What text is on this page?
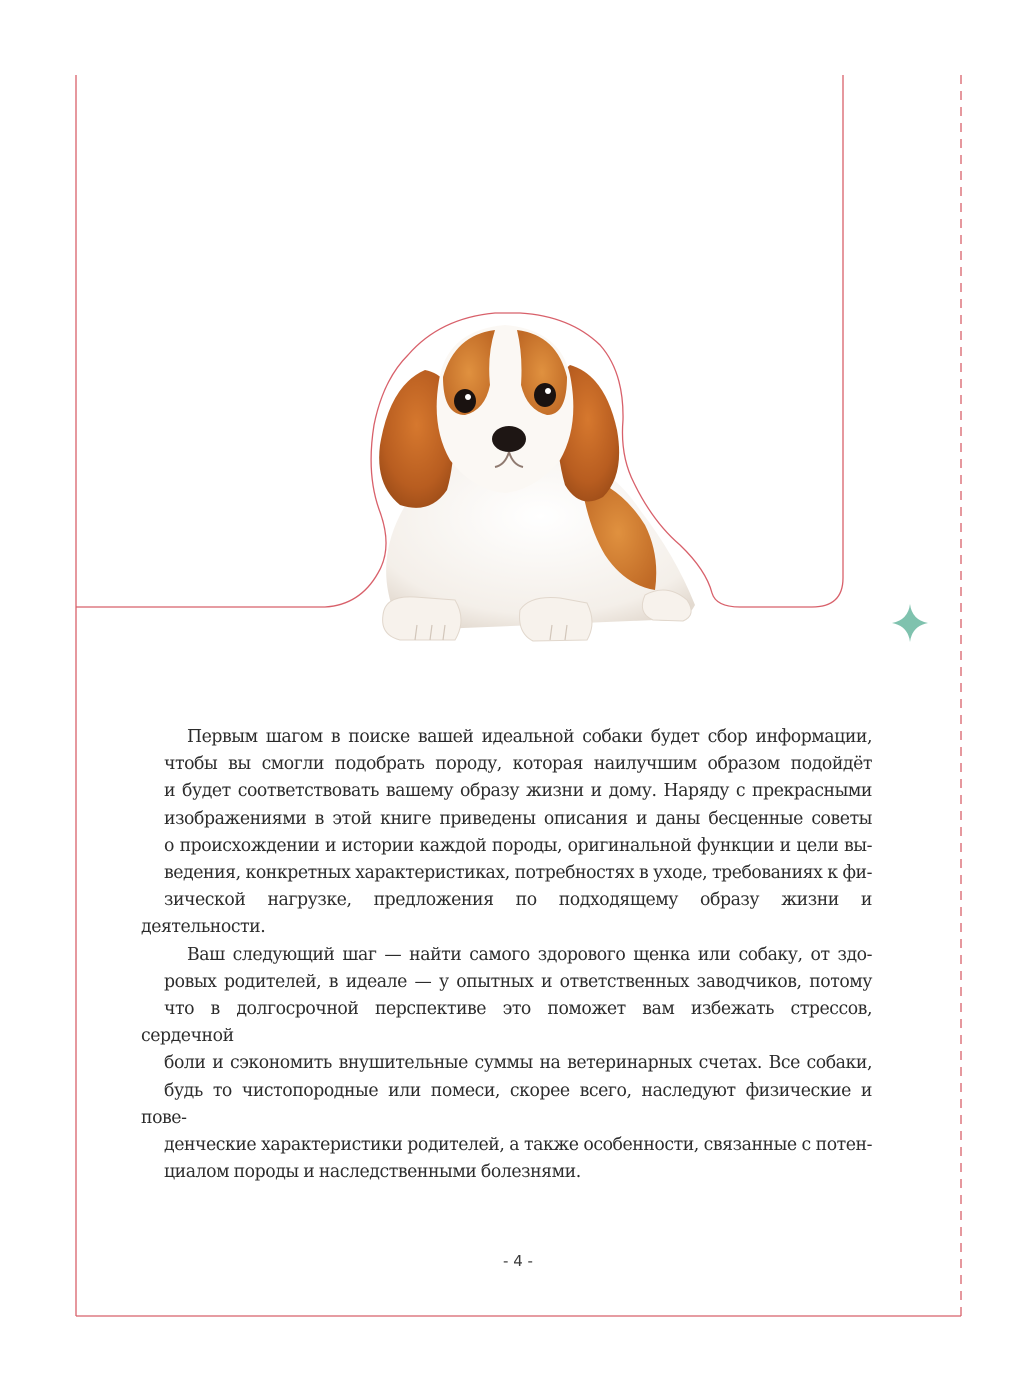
Первым шагом в поиске вашей идеальной собаки будет сбор информации,
чтобы вы смогли подобрать породу, которая наилучшим образом подойдёт
и будет соответствовать вашему образу жизни и дому. Наряду с прекрасными
изображениями в этой книге приведены описания и даны бесценные советы
о происхождении и истории каждой породы, оригинальной функции и цели вы-
ведения, конкретных характеристиках, потребностях в уходе, требованиях к фи-
зической нагрузке, предложения по подходящему образу жизни и деятельности.

Ваш следующий шаг — найти самого здорового щенка или собаку, от здо-
ровых родителей, в идеале — у опытных и ответственных заводчиков, потому
что в долгосрочной перспективе это поможет вам избежать стрессов, сердечной
боли и сэкономить внушительные суммы на ветеринарных счетах. Все собаки,
будь то чистопородные или помеси, скорее всего, наследуют физические и пове-
денческие характеристики родителей, а также особенности, связанные с потен-
циалом породы и наследственными болезнями.

- 4 -
